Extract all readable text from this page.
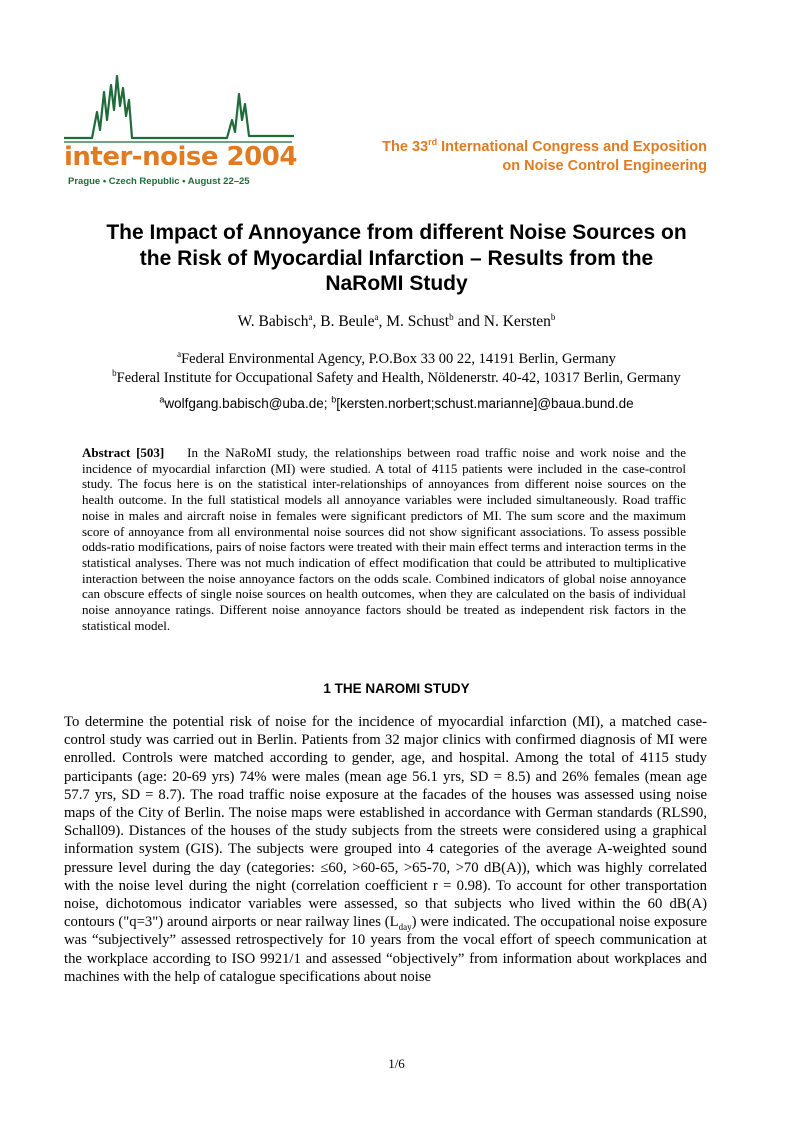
inter-noise 2004
Prague • Czech Republic • August 22–25
The 33rd International Congress and Exposition
on Noise Control Engineering
The Impact of Annoyance from different Noise Sources on
the Risk of Myocardial Infarction – Results from the
NaRoMI Study
W. Babisch$^a$, B. Beule$^a$, M. Schust$^b$ and N. Kersten$^b$
$^a$Federal Environmental Agency, P.O.Box 33 00 22, 14191 Berlin, Germany
$^b$Federal Institute for Occupational Safety and Health, Nöldenerstr. 40-42, 10317 Berlin, Germany
$^a$wolfgang.babisch@uba.de; $^b$[kersten.norbert;schust.marianne]@baua.bund.de
Abstract [503] In the NaRoMI study, the relationships between road traffic noise and work noise and the incidence of myocardial infarction (MI) were studied. A total of 4115 patients were included in the case-control study. The focus here is on the statistical inter-relationships of annoyances from different noise sources on the health outcome. In the full statistical models all annoyance variables were included simultaneously. Road traffic noise in males and aircraft noise in females were significant predictors of MI. The sum score and the maximum score of annoyance from all environmental noise sources did not show significant associations. To assess possible odds-ratio modifications, pairs of noise factors were treated with their main effect terms and interaction terms in the statistical analyses. There was not much indication of effect modification that could be attributed to multiplicative interaction between the noise annoyance factors on the odds scale. Combined indicators of global noise annoyance can obscure effects of single noise sources on health outcomes, when they are calculated on the basis of individual noise annoyance ratings. Different noise annoyance factors should be treated as independent risk factors in the statistical model.
1 THE NAROMI STUDY
To determine the potential risk of noise for the incidence of myocardial infarction (MI), a matched case-control study was carried out in Berlin. Patients from 32 major clinics with confirmed diagnosis of MI were enrolled. Controls were matched according to gender, age, and hospital. Among the total of 4115 study participants (age: 20-69 yrs) 74% were males (mean age 56.1 yrs, SD = 8.5) and 26% females (mean age 57.7 yrs, SD = 8.7). The road traffic noise exposure at the facades of the houses was assessed using noise maps of the City of Berlin. The noise maps were established in accordance with German standards (RLS90, Schall09). Distances of the houses of the study subjects from the streets were considered using a graphical information system (GIS). The subjects were grouped into 4 categories of the average A-weighted sound pressure level during the day (categories: ≤60, >60-65, >65-70, >70 dB(A)), which was highly correlated with the noise level during the night (correlation coefficient r = 0.98). To account for other transportation noise, dichotomous indicator variables were assessed, so that subjects who lived within the 60 dB(A) contours ("q=3") around airports or near railway lines $(L_{day})$ were indicated. The occupational noise exposure was “subjectively” assessed retrospectively for 10 years from the vocal effort of speech communication at the workplace according to ISO 9921/1 and assessed “objectively” from information about workplaces and machines with the help of catalogue specifications about noise
1/6
